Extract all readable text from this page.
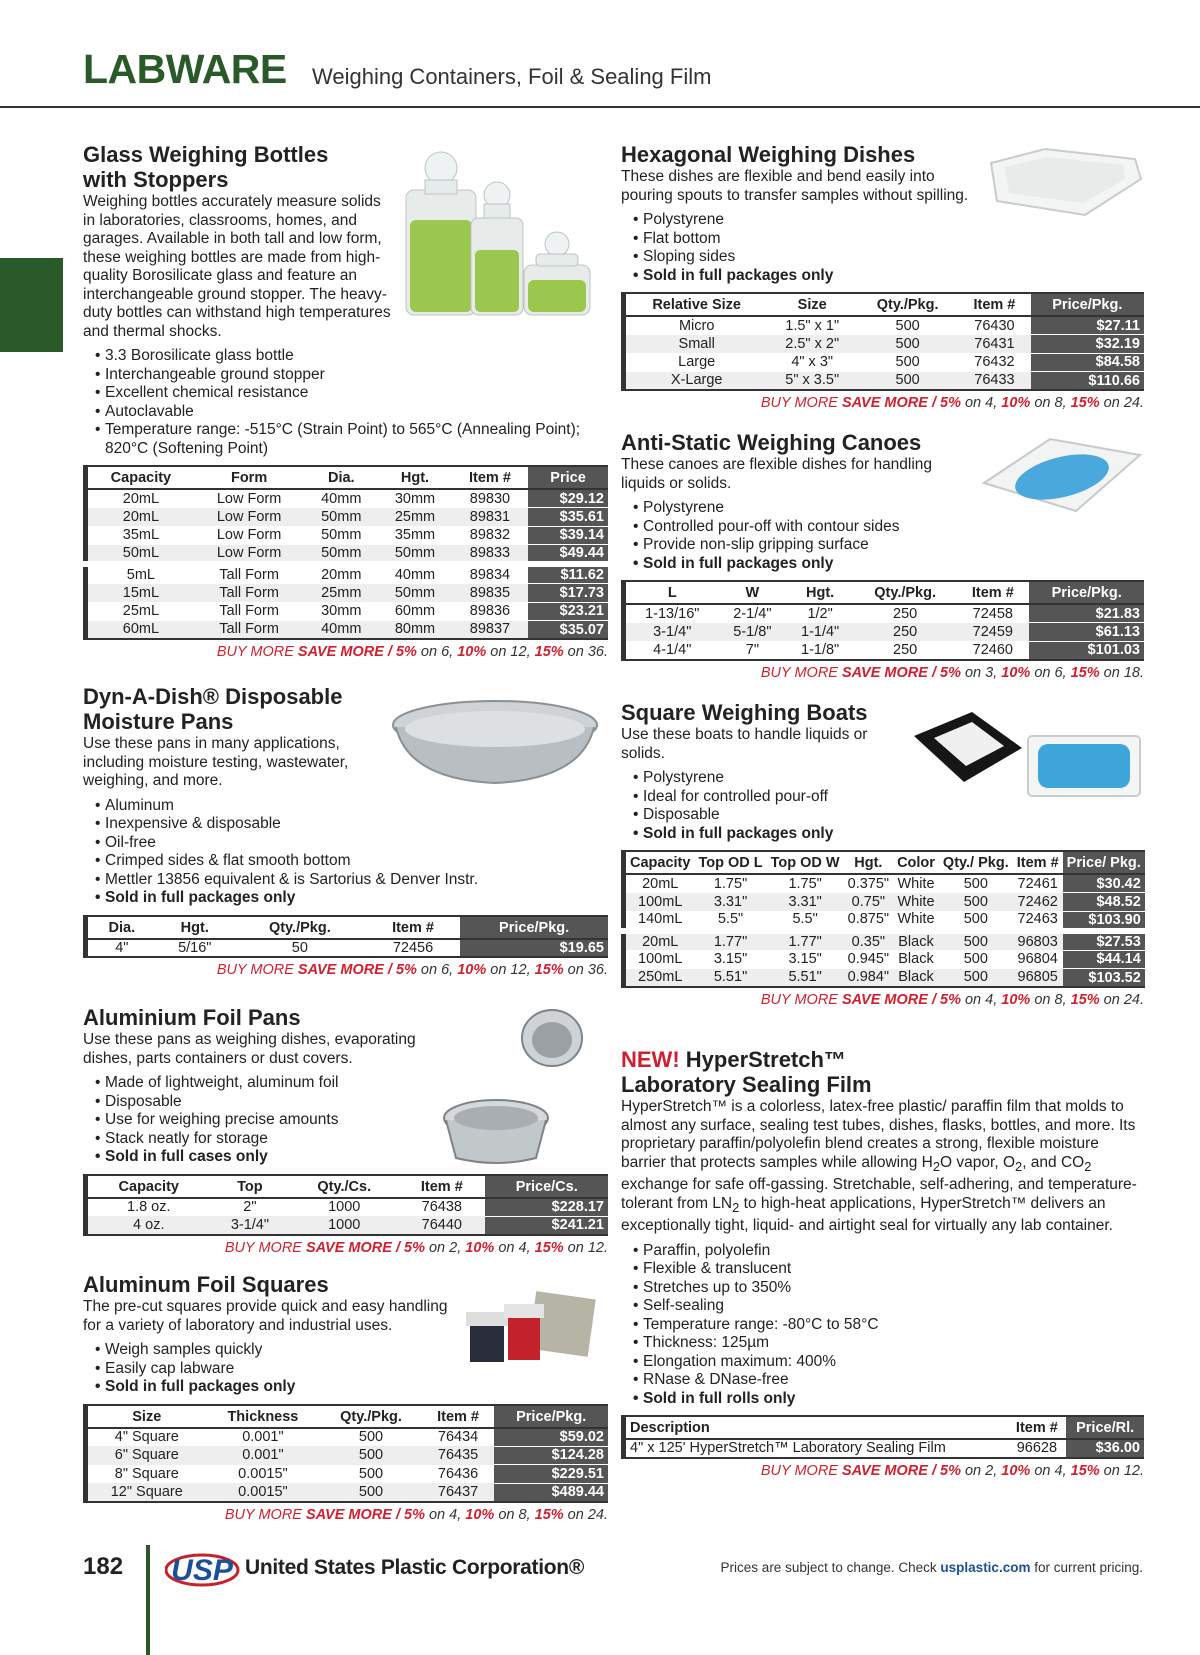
LABWARE Weighing Containers, Foil & Sealing Film
Glass Weighing Bottles
with Stoppers
Weighing bottles accurately measure solids in laboratories, classrooms, homes, and garages. Available in both tall and low form, these weighing bottles are made from high-quality Borosilicate glass and feature an interchangeable ground stopper. The heavy-duty bottles can withstand high temperatures and thermal shocks.
• 3.3 Borosilicate glass bottle
• Interchangeable ground stopper
• Excellent chemical resistance
• Autoclavable
• Temperature range: -515°C (Strain Point) to 565°C (Annealing Point); 820°C (Softening Point)
Capacity	Form	Dia.	Hgt.	Item #	Price
20mL	Low Form	40mm	30mm	89830	$29.12
20mL	Low Form	50mm	25mm	89831	$35.61
35mL	Low Form	50mm	35mm	89832	$39.14
50mL	Low Form	50mm	50mm	89833	$49.44
5mL	Tall Form	20mm	40mm	89834	$11.62
15mL	Tall Form	25mm	50mm	89835	$17.73
25mL	Tall Form	30mm	60mm	89836	$23.21
60mL	Tall Form	40mm	80mm	89837	$35.07
BUY MORE SAVE MORE / 5% on 6, 10% on 12, 15% on 36.
Dyn-A-Dish® Disposable
Moisture Pans
Use these pans in many applications, including moisture testing, wastewater, weighing, and more.
• Aluminum
• Inexpensive & disposable
• Oil-free
• Crimped sides & flat smooth bottom
• Mettler 13856 equivalent & is Sartorius & Denver Instr.
• Sold in full packages only
Dia.	Hgt.	Qty./Pkg.	Item #	Price/Pkg.
4"	5/16"	50	72456	$19.65
BUY MORE SAVE MORE / 5% on 6, 10% on 12, 15% on 36.
Aluminium Foil Pans
Use these pans as weighing dishes, evaporating dishes, parts containers or dust covers.
• Made of lightweight, aluminum foil
• Disposable
• Use for weighing precise amounts
• Stack neatly for storage
• Sold in full cases only
Capacity	Top	Qty./Cs.	Item #	Price/Cs.
1.8 oz.	2"	1000	76438	$228.17
4 oz.	3-1/4"	1000	76440	$241.21
BUY MORE SAVE MORE / 5% on 2, 10% on 4, 15% on 12.
Aluminum Foil Squares
The pre-cut squares provide quick and easy handling for a variety of laboratory and industrial uses.
• Weigh samples quickly
• Easily cap labware
• Sold in full packages only
Size	Thickness	Qty./Pkg.	Item #	Price/Pkg.
4" Square	0.001"	500	76434	$59.02
6" Square	0.001"	500	76435	$124.28
8" Square	0.0015"	500	76436	$229.51
12" Square	0.0015"	500	76437	$489.44
BUY MORE SAVE MORE / 5% on 4, 10% on 8, 15% on 24.
Hexagonal Weighing Dishes
These dishes are flexible and bend easily into pouring spouts to transfer samples without spilling.
• Polystyrene
• Flat bottom
• Sloping sides
• Sold in full packages only
Relative Size	Size	Qty./Pkg.	Item #	Price/Pkg.
Micro	1.5" x 1"	500	76430	$27.11
Small	2.5" x 2"	500	76431	$32.19
Large	4" x 3"	500	76432	$84.58
X-Large	5" x 3.5"	500	76433	$110.66
BUY MORE SAVE MORE / 5% on 4, 10% on 8, 15% on 24.
Anti-Static Weighing Canoes
These canoes are flexible dishes for handling liquids or solids.
• Polystyrene
• Controlled pour-off with contour sides
• Provide non-slip gripping surface
• Sold in full packages only
L	W	Hgt.	Qty./Pkg.	Item #	Price/Pkg.
1-13/16"	2-1/4"	1/2"	250	72458	$21.83
3-1/4"	5-1/8"	1-1/4"	250	72459	$61.13
4-1/4"	7"	1-1/8"	250	72460	$101.03
BUY MORE SAVE MORE / 5% on 3, 10% on 6, 15% on 18.
Square Weighing Boats
Use these boats to handle liquids or solids.
• Polystyrene
• Ideal for controlled pour-off
• Disposable
• Sold in full packages only
Capacity	Top OD L	Top OD W	Hgt.	Color	Qty./ Pkg.	Item #	Price/ Pkg.
20mL	1.75"	1.75"	0.375"	White	500	72461	$30.42
100mL	3.31"	3.31"	0.75"	White	500	72462	$48.52
140mL	5.5"	5.5"	0.875"	White	500	72463	$103.90
20mL	1.77"	1.77"	0.35"	Black	500	96803	$27.53
100mL	3.15"	3.15"	0.945"	Black	500	96804	$44.14
250mL	5.51"	5.51"	0.984"	Black	500	96805	$103.52
BUY MORE SAVE MORE / 5% on 4, 10% on 8, 15% on 24.
NEW! HyperStretch™
Laboratory Sealing Film
HyperStretch™ is a colorless, latex-free plastic/ paraffin film that molds to almost any surface, sealing test tubes, dishes, flasks, bottles, and more. Its proprietary paraffin/polyolefin blend creates a strong, flexible moisture barrier that protects samples while allowing $H_2O$ vapor, $O_2$, and $CO_2$ exchange for safe off-gassing. Stretchable, self-adhering, and temperature-tolerant from $LN_2$ to high-heat applications, HyperStretch™ delivers an exceptionally tight, liquid- and airtight seal for virtually any lab container.
• Paraffin, polyolefin
• Flexible & translucent
• Stretches up to 350%
• Self-sealing
• Temperature range: -80°C to 58°C
• Thickness: 125µm
• Elongation maximum: 400%
• RNase & DNase-free
• Sold in full rolls only
Description	Item #	Price/Rl.
4" x 125' HyperStretch™ Laboratory Sealing Film	96628	$36.00
BUY MORE SAVE MORE / 5% on 2, 10% on 4, 15% on 12.
182 USP United States Plastic Corporation®	Prices are subject to change. Check usplastic.com for current pricing.
